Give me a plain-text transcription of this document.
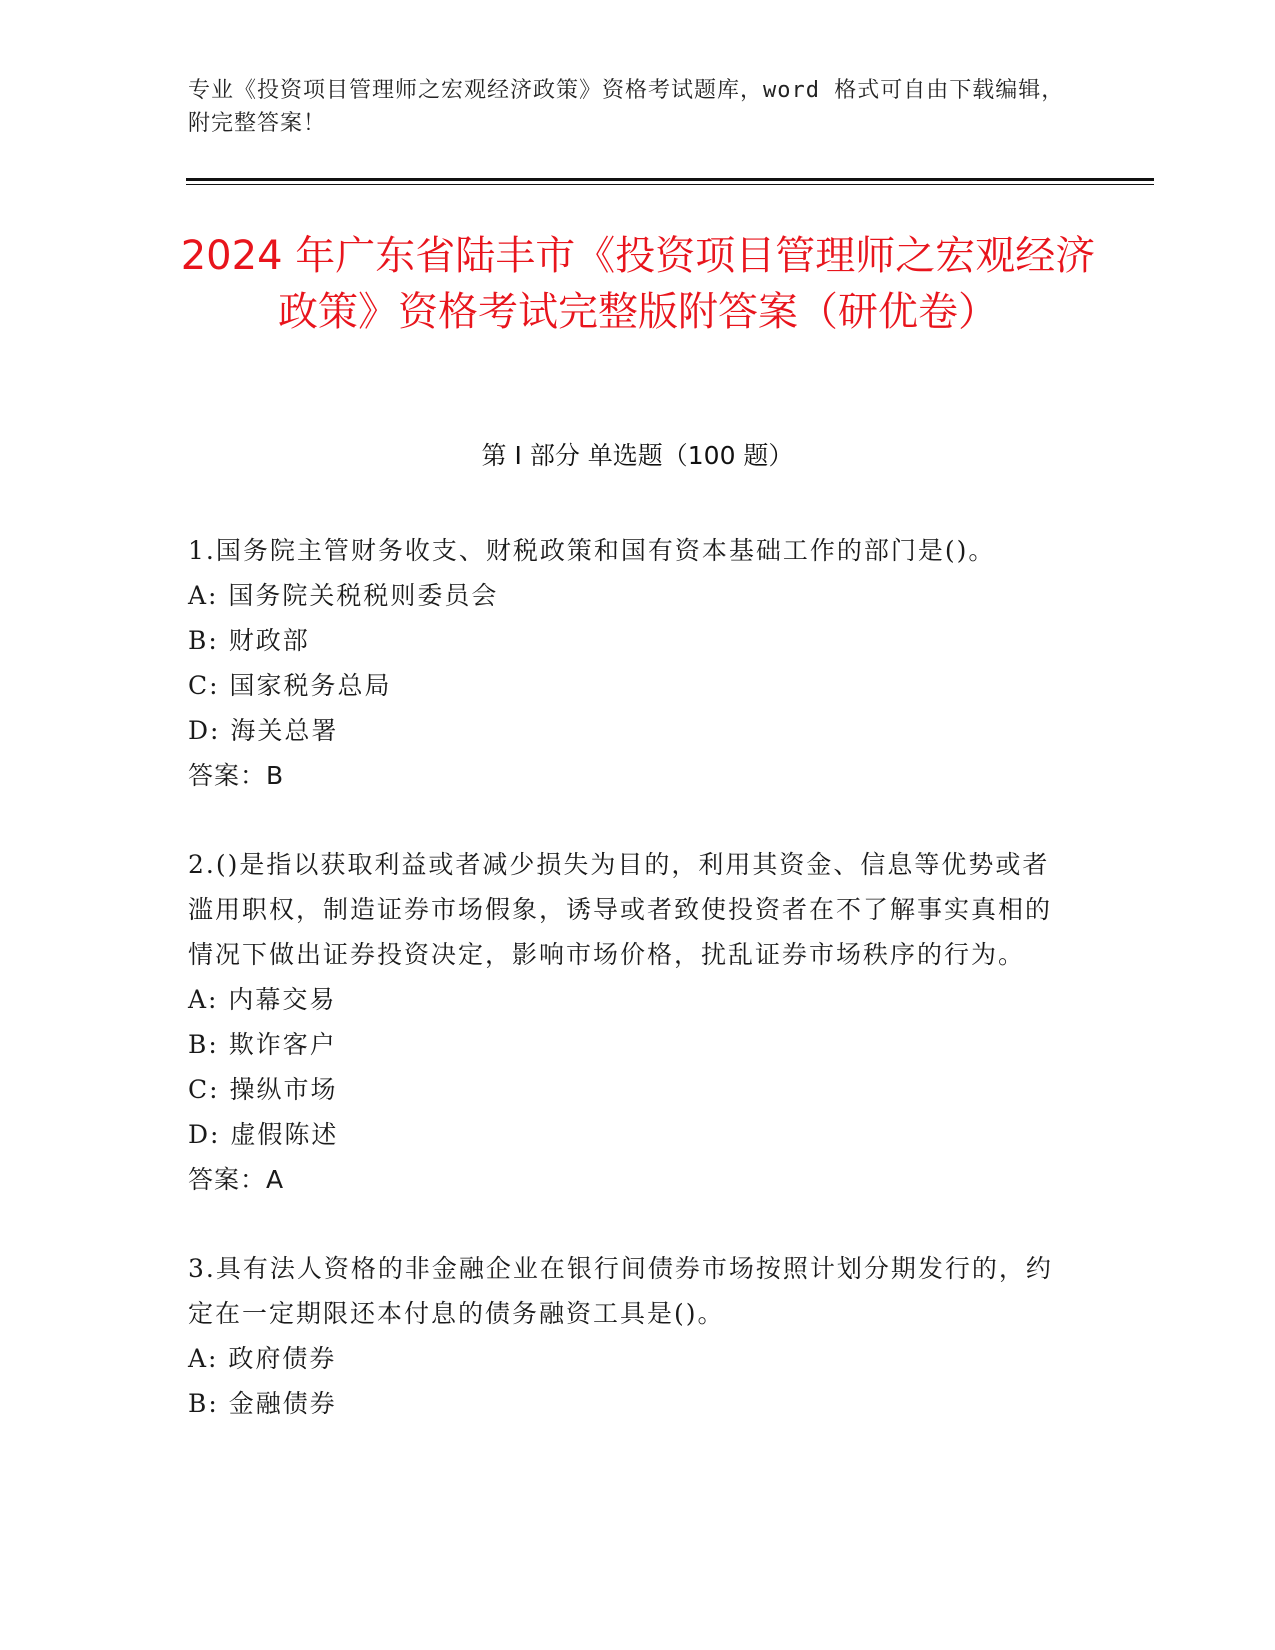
专业《投资项目管理师之宏观经济政策》资格考试题库，word 格式可自由下载编辑，附完整答案！
2024 年广东省陆丰市《投资项目管理师之宏观经济政策》资格考试完整版附答案（研优卷）
第 I 部分 单选题（100 题）

1.国务院主管财务收支、财税政策和国有资本基础工作的部门是()。

A: 国务院关税税则委员会

B: 财政部

C: 国家税务总局

D: 海关总署

答案：B

2.()是指以获取利益或者减少损失为目的，利用其资金、信息等优势或者滥用职权，制造证券市场假象，诱导或者致使投资者在不了解事实真相的情况下做出证券投资决定，影响市场价格，扰乱证券市场秩序的行为。

A: 内幕交易

B: 欺诈客户

C: 操纵市场

D: 虚假陈述

答案：A

3.具有法人资格的非金融企业在银行间债券市场按照计划分期发行的，约定在一定期限还本付息的债务融资工具是()。

A: 政府债券

B: 金融债券
